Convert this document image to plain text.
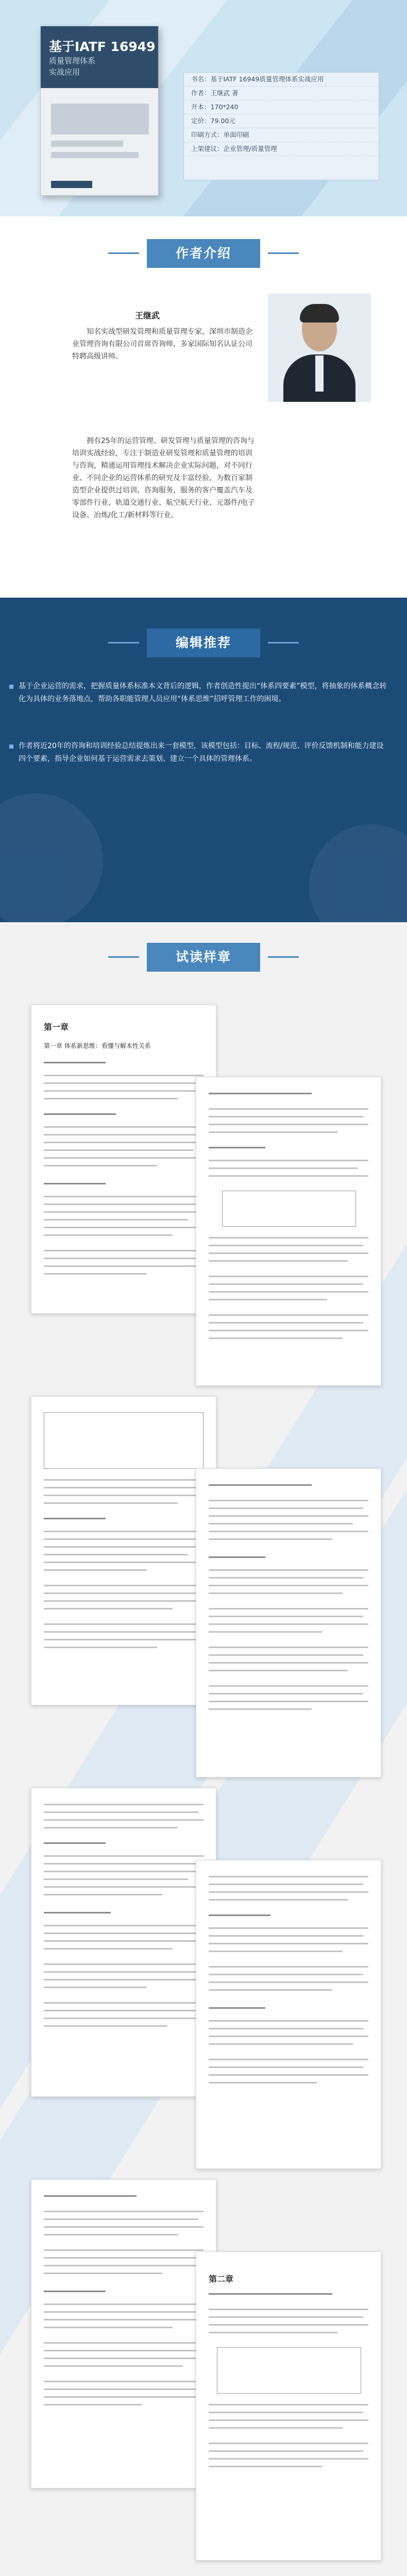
基于IATF 16949
质量管理体系
实战应用
书名：基于IATF 16949质量管理体系实战应用
作者：王继武 著
开本：170*240
定价：79.00元
印刷方式：单面印刷
上架建议：企业管理/质量管理
作者介绍
王继武
知名实战型研发管理和质量管理专家，深圳市制造企业管理咨询有限公司首席咨询师，多家国际知名认证公司特聘高级讲师。
拥有25年的运营管理、研发管理与质量管理的咨询与培训实战经验，专注于制造业研发管理和质量管理的培训与咨询，精通运用管理技术解决企业实际问题，对不同行业、不同企业的运营体系的研究及丰富经验，为数百家制造型企业提供过培训、咨询服务，服务的客户覆盖汽车及零部件行业、轨道交通行业、航空航天行业、元器件/电子设备、冶炼/化工/新材料等行业。
编辑推荐

基于企业运营的需求，把握质量体系标准本文背后的逻辑，作者创造性提出“体系四要素”模型，将抽象的体系概念转化为具体的业务落地点，帮助各职能管理人员应用“体系思维”招呼管理工作的困境。

作者将近20年的咨询和培训经验总结提炼出来一套模型，该模型包括：目标、流程/规范、评价反馈机制和能力建设四个要素，指导企业如何基于运营需求去策划、建立一个具体的管理体系。

试读样章
第一章
第一章 体系新思维：看懂与解本性关系
第二章
